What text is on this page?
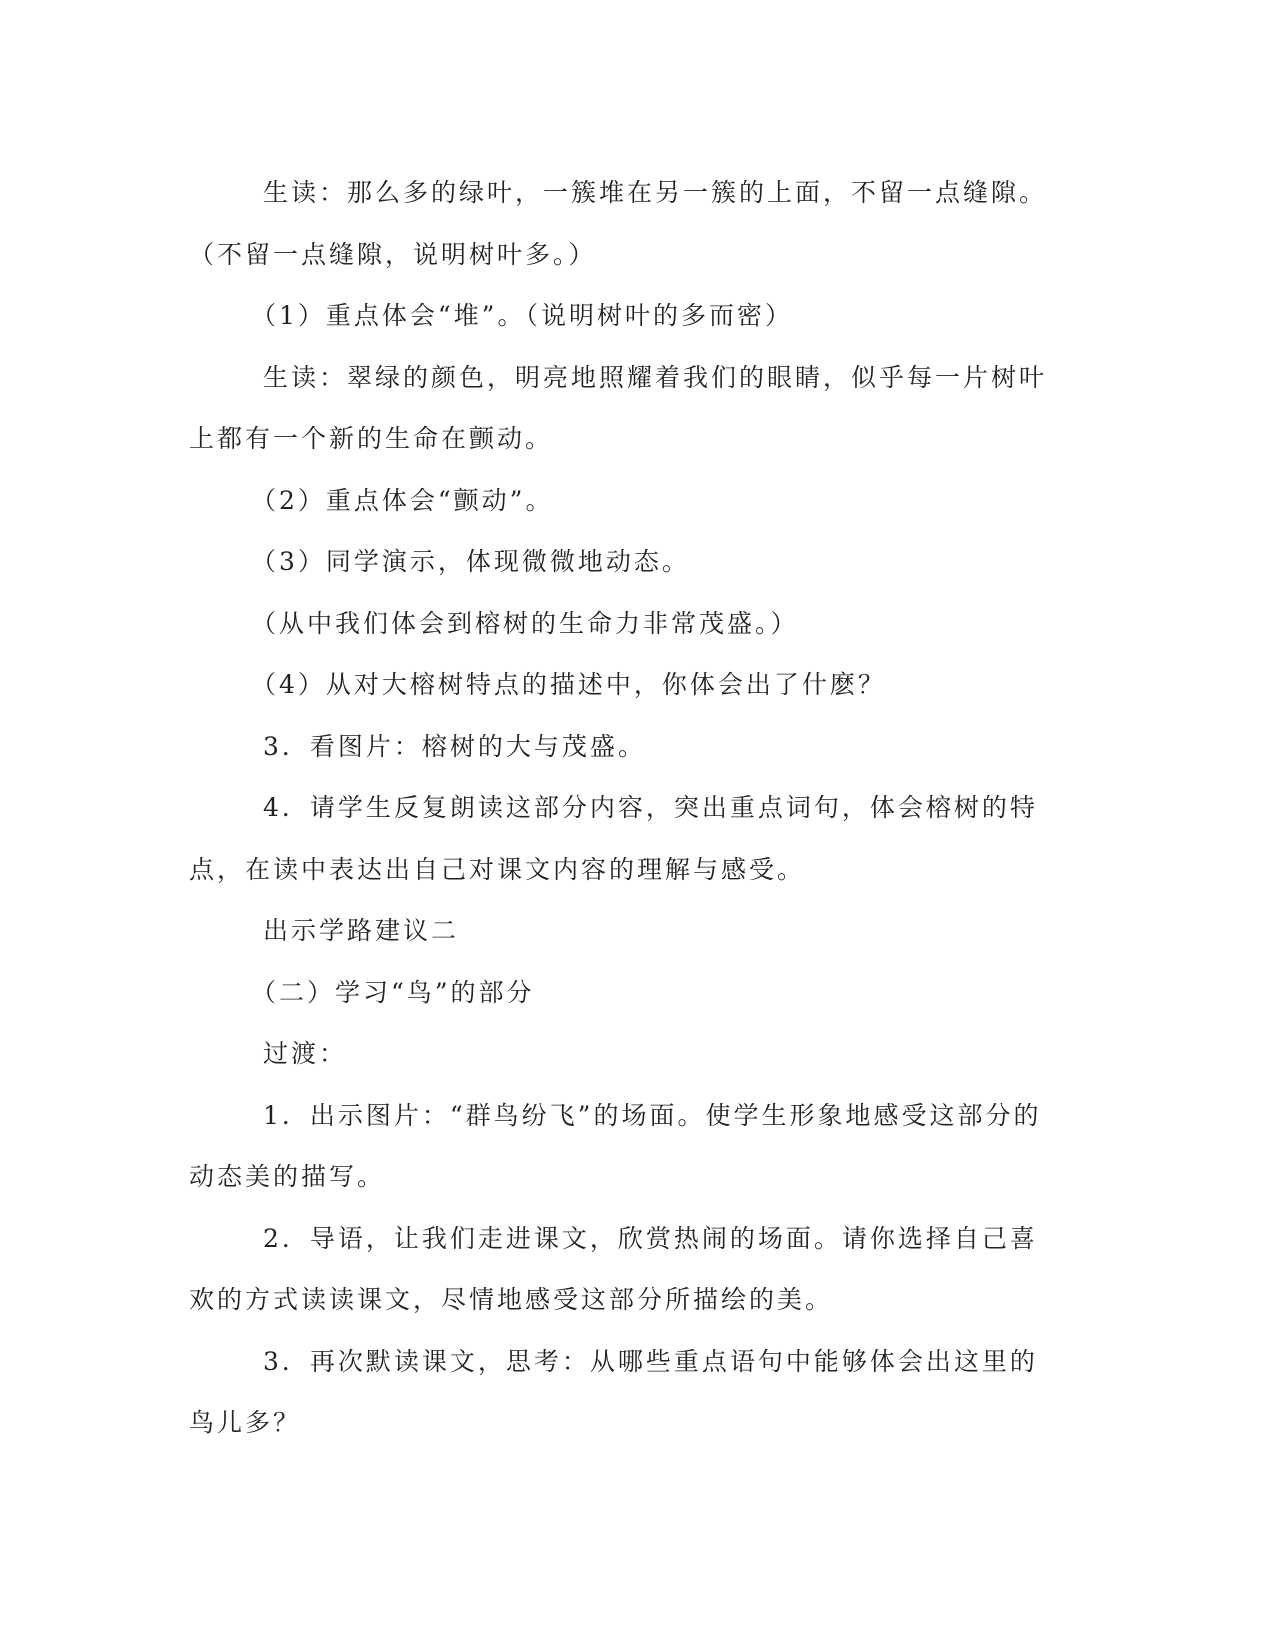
生读：那么多的绿叶，一簇堆在另一簇的上面，不留一点缝隙。

（不留一点缝隙，说明树叶多。）

（1）重点体会“堆”。（说明树叶的多而密）

生读：翠绿的颜色，明亮地照耀着我们的眼睛，似乎每一片树叶

上都有一个新的生命在颤动。

（2）重点体会“颤动”。

（3）同学演示，体现微微地动态。

（从中我们体会到榕树的生命力非常茂盛。）

（4）从对大榕树特点的描述中，你体会出了什麽？

3．看图片：榕树的大与茂盛。

4．请学生反复朗读这部分内容，突出重点词句，体会榕树的特

点，在读中表达出自己对课文内容的理解与感受。

出示学路建议二

（二）学习“鸟”的部分

过渡：

1．出示图片：“群鸟纷飞”的场面。使学生形象地感受这部分的

动态美的描写。

2．导语，让我们走进课文，欣赏热闹的场面。请你选择自己喜

欢的方式读读课文，尽情地感受这部分所描绘的美。

3．再次默读课文，思考：从哪些重点语句中能够体会出这里的

鸟儿多？
